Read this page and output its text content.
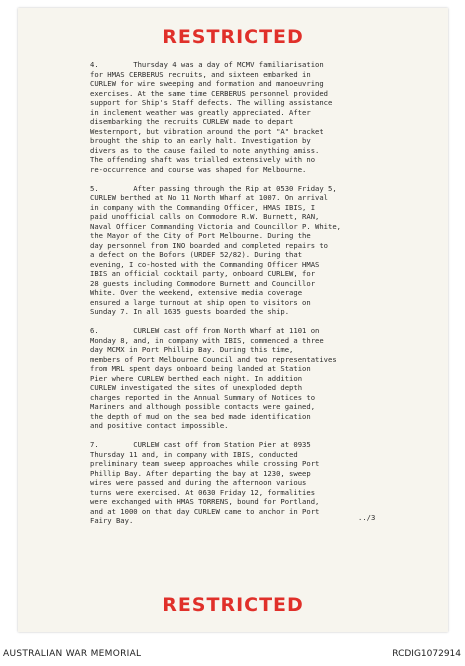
RESTRICTED
4.	Thursday 4 was a day of MCMV familiarisation
for HMAS CERBERUS recruits, and sixteen embarked in
CURLEW for wire sweeping and formation and manoeuvring
exercises. At the same time CERBERUS personnel provided
support for Ship's Staff defects. The willing assistance
in inclement weather was greatly appreciated. After
disembarking the recruits CURLEW made to depart
Westernport, but vibration around the port "A" bracket
brought the ship to an early halt. Investigation by
divers as to the cause failed to note anything amiss.
The offending shaft was trialled extensively with no
re-occurrence and course was shaped for Melbourne.
5.	After passing through the Rip at 0530 Friday 5,
CURLEW berthed at No 11 North Wharf at 1007. On arrival
in company with the Commanding Officer, HMAS IBIS, I
paid unofficial calls on Commodore R.W. Burnett, RAN,
Naval Officer Commanding Victoria and Councillor P. White,
the Mayor of the City of Port Melbourne. During the
day personnel from INO boarded and completed repairs to
a defect on the Bofors (URDEF 52/82). During that
evening, I co-hosted with the Commanding Officer HMAS
IBIS an official cocktail party, onboard CURLEW, for
28 guests including Commodore Burnett and Councillor
White. Over the weekend, extensive media coverage
ensured a large turnout at ship open to visitors on
Sunday 7. In all 1635 guests boarded the ship.
6.	CURLEW cast off from North Wharf at 1101 on
Monday 8, and, in company with IBIS, commenced a three
day MCMX in Port Phillip Bay. During this time,
members of Port Melbourne Council and two representatives
from MRL spent days onboard being landed at Station
Pier where CURLEW berthed each night. In addition
CURLEW investigated the sites of unexploded depth
charges reported in the Annual Summary of Notices to
Mariners and although possible contacts were gained,
the depth of mud on the sea bed made identification
and positive contact impossible.
7.	CURLEW cast off from Station Pier at 0935
Thursday 11 and, in company with IBIS, conducted
preliminary team sweep approaches while crossing Port
Phillip Bay. After departing the bay at 1230, sweep
wires were passed and during the afternoon various
turns were exercised. At 0630 Friday 12, formalities
were exchanged with HMAS TORRENS, bound for Portland,
and at 1000 on that day CURLEW came to anchor in Port
Fairy Bay.	../3
RESTRICTED
AUSTRALIAN WAR MEMORIAL	RCDIG1072914
